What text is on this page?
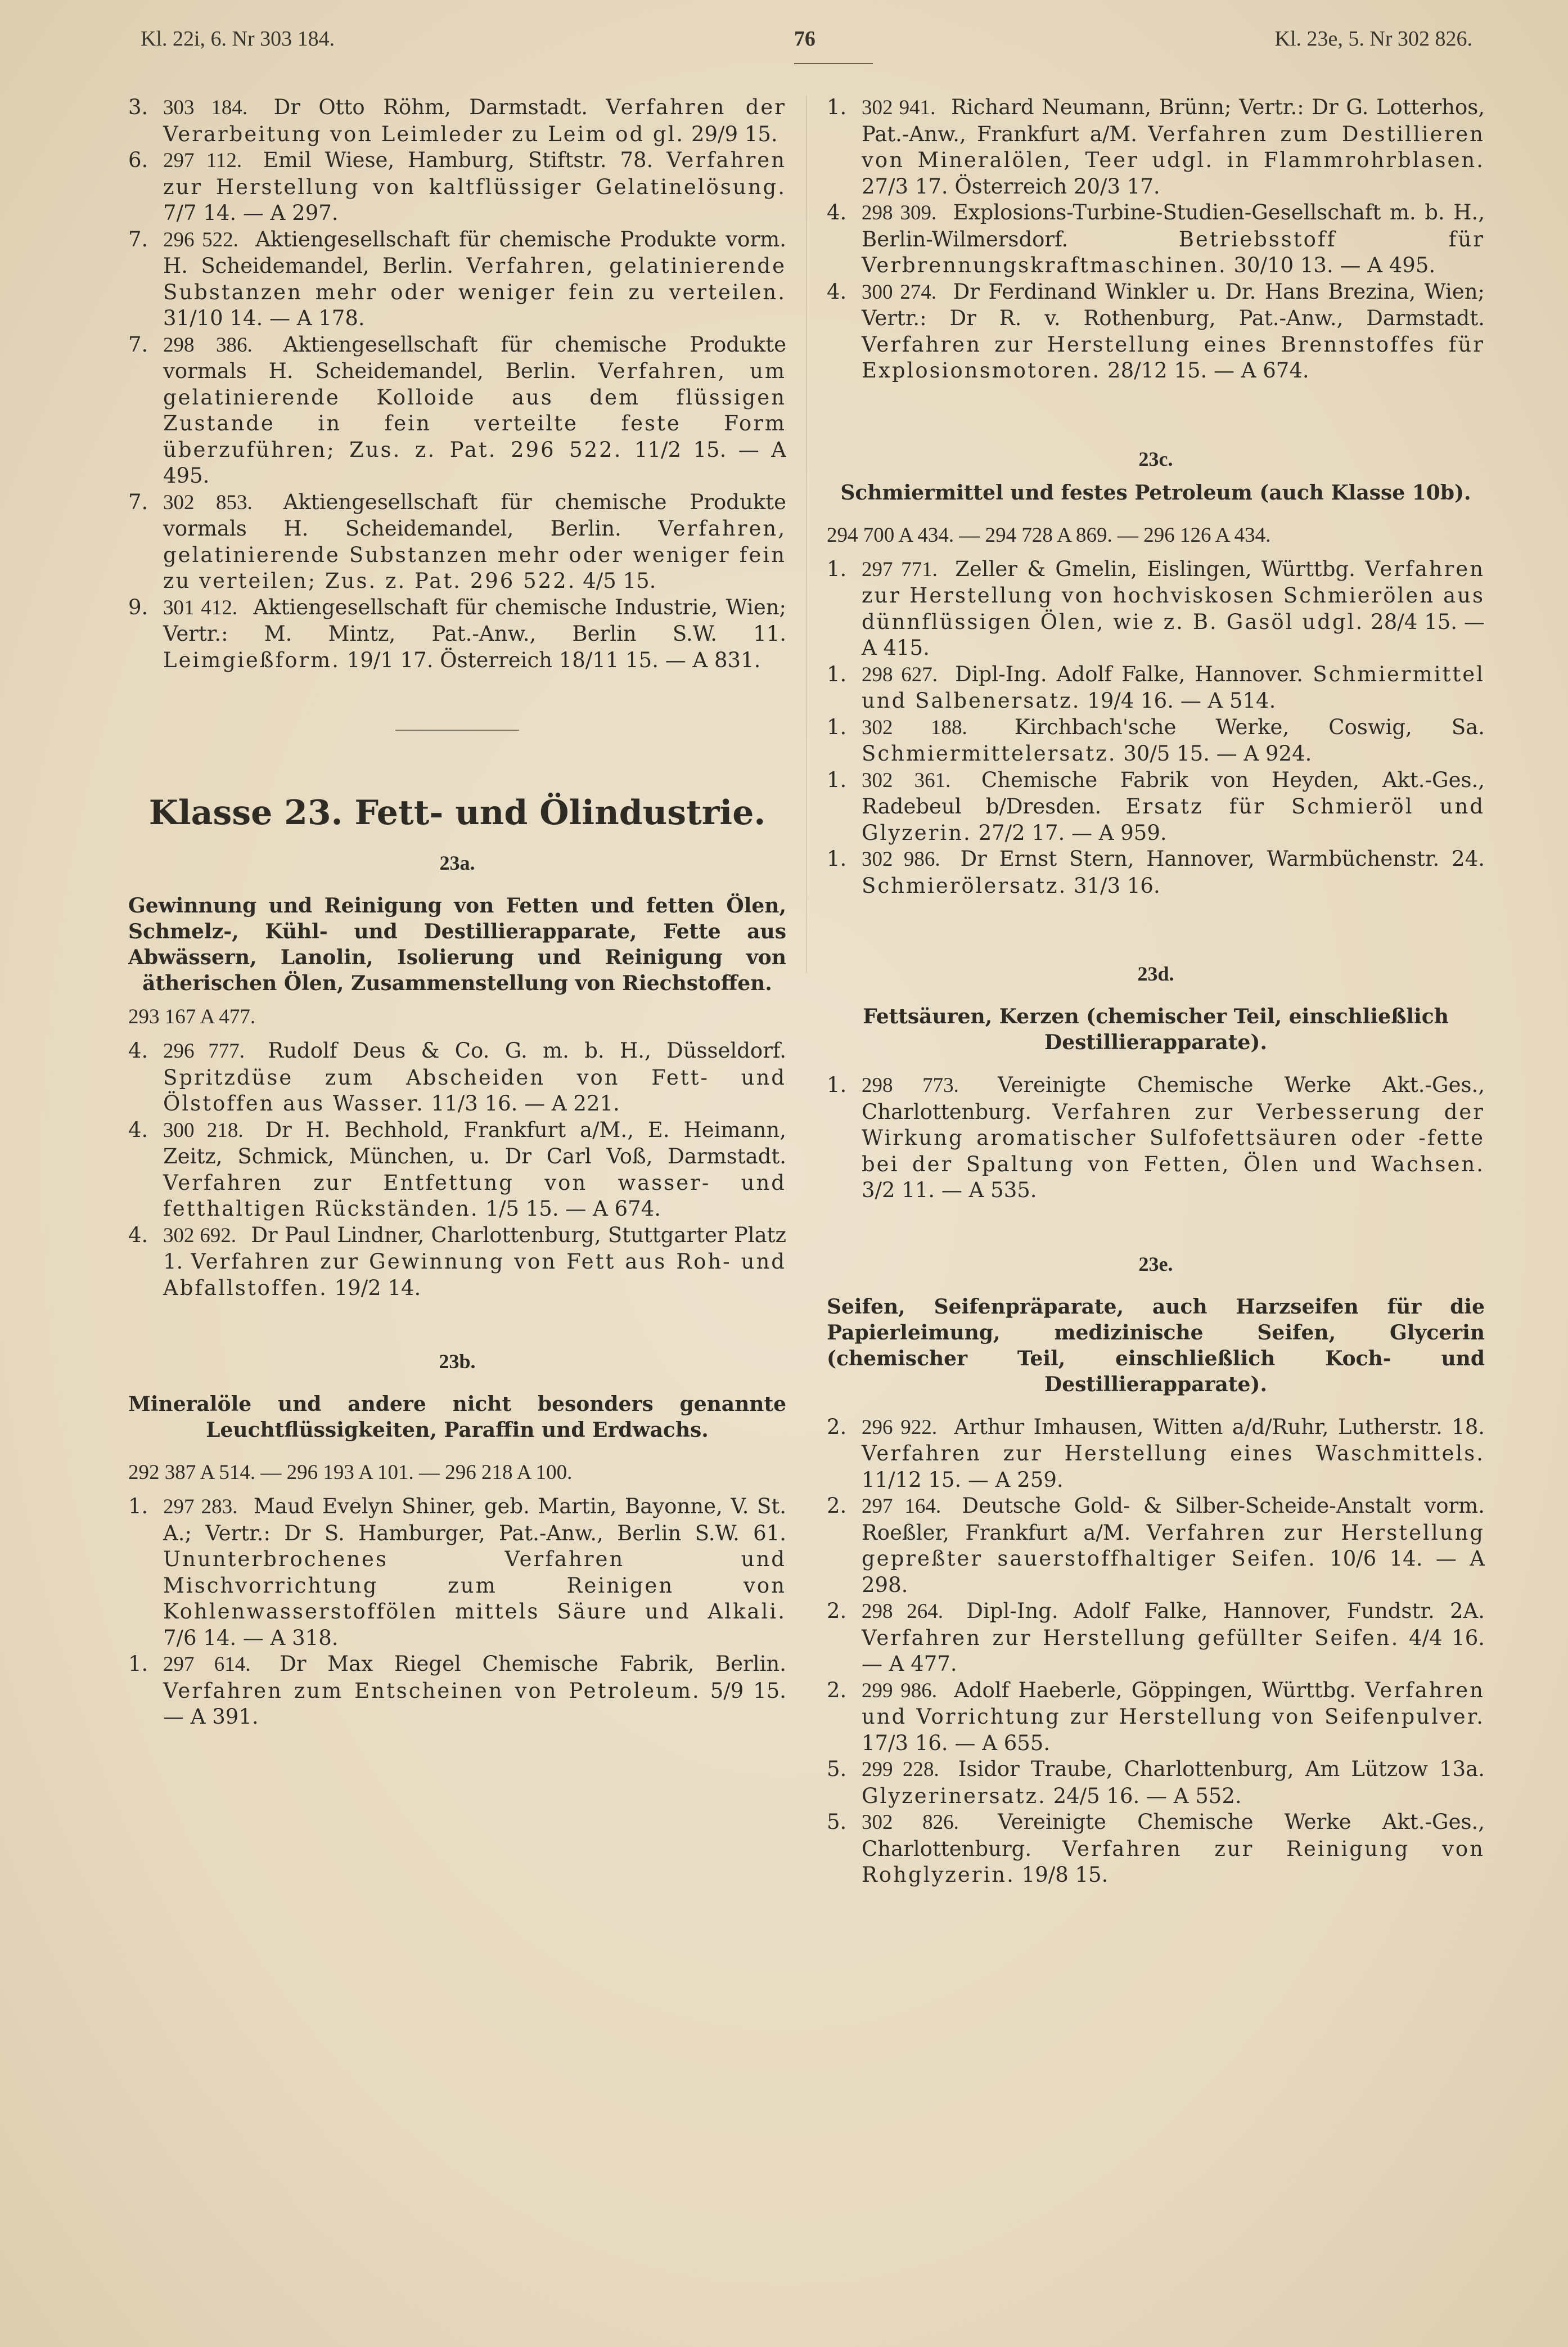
Kl. 22i, 6. Nr 303 184.	76	Kl. 23e, 5. Nr 302 826.

3. 303 184. Dr Otto Röhm, Darmstadt. Verfahren der Verarbeitung von Leimleder zu Leim od gl. 29/9 15.

6. 297 112. Emil Wiese, Hamburg, Stiftstr. 78. Verfahren zur Herstellung von kaltflüssiger Gelatinelösung. 7/7 14. — A 297.

7. 296 522. Aktiengesellschaft für chemische Produkte vorm. H. Scheidemandel, Berlin. Verfahren, gelatinierende Substanzen mehr oder weniger fein zu verteilen. 31/10 14. — A 178.

7. 298 386. Aktiengesellschaft für chemische Produkte vormals H. Scheidemandel, Berlin. Verfahren, um gelatinierende Kolloide aus dem flüssigen Zustande in fein verteilte feste Form überzuführen; Zus. z. Pat. 296 522. 11/2 15. — A 495.

7. 302 853. Aktiengesellschaft für chemische Produkte vormals H. Scheidemandel, Berlin. Verfahren, gelatinierende Substanzen mehr oder weniger fein zu verteilen; Zus. z. Pat. 296 522. 4/5 15.

9. 301 412. Aktiengesellschaft für chemische Industrie, Wien; Vertr.: M. Mintz, Pat.-Anw., Berlin S.W. 11. Leimgießform. 19/1 17. Österreich 18/11 15. — A 831.

Klasse 23. Fett- und Ölindustrie.

23a.

Gewinnung und Reinigung von Fetten und fetten Ölen, Schmelz-, Kühl- und Destillierapparate, Fette aus Abwässern, Lanolin, Isolierung und Reinigung von ätherischen Ölen, Zusammenstellung von Riechstoffen.

293 167 A 477.

4. 296 777. Rudolf Deus & Co. G. m. b. H., Düsseldorf. Spritzdüse zum Abscheiden von Fett- und Ölstoffen aus Wasser. 11/3 16. — A 221.

4. 300 218. Dr H. Bechhold, Frankfurt a/M., E. Heimann, Zeitz, Schmick, München, u. Dr Carl Voß, Darmstadt. Verfahren zur Entfettung von wasser- und fetthaltigen Rückständen. 1/5 15. — A 674.

4. 302 692. Dr Paul Lindner, Charlottenburg, Stuttgarter Platz 1. Verfahren zur Gewinnung von Fett aus Roh- und Abfallstoffen. 19/2 14.

23b.

Mineralöle und andere nicht besonders genannte Leuchtflüssigkeiten, Paraffin und Erdwachs.

292 387 A 514. — 296 193 A 101. — 296 218 A 100.

1. 297 283. Maud Evelyn Shiner, geb. Martin, Bayonne, V. St. A.; Vertr.: Dr S. Hamburger, Pat.-Anw., Berlin S.W. 61. Ununterbrochenes Verfahren und Mischvorrichtung zum Reinigen von Kohlenwasserstoffölen mittels Säure und Alkali. 7/6 14. — A 318.

1. 297 614. Dr Max Riegel Chemische Fabrik, Berlin. Verfahren zum Entscheinen von Petroleum. 5/9 15. — A 391.

1. 302 941. Richard Neumann, Brünn; Vertr.: Dr G. Lotterhos, Pat.-Anw., Frankfurt a/M. Verfahren zum Destillieren von Mineralölen, Teer udgl. in Flammrohrblasen. 27/3 17. Österreich 20/3 17.

4. 298 309. Explosions-Turbine-Studien-Gesellschaft m. b. H., Berlin-Wilmersdorf.	Betriebsstoff für Verbrennungskraftmaschinen. 30/10 13. — A 495.

4. 300 274. Dr Ferdinand Winkler u. Dr. Hans Brezina, Wien; Vertr.: Dr R. v. Rothenburg, Pat.-Anw., Darmstadt. Verfahren zur Herstellung eines Brennstoffes für Explosionsmotoren. 28/12 15. — A 674.

23c.

Schmiermittel und festes Petroleum (auch Klasse 10b).

294 700 A 434. — 294 728 A 869. — 296 126 A 434.

1. 297 771. Zeller & Gmelin, Eislingen, Württbg. Verfahren zur Herstellung von hochviskosen Schmierölen aus dünnflüssigen Ölen, wie z. B. Gasöl udgl. 28/4 15. — A 415.

1. 298 627. Dipl-Ing. Adolf Falke, Hannover. Schmiermittel und Salbenersatz. 19/4 16. — A 514.

1. 302 188. Kirchbach'sche Werke, Coswig, Sa. Schmiermittelersatz. 30/5 15. — A 924.

1. 302 361. Chemische Fabrik von Heyden, Akt.-Ges., Radebeul b/Dresden. Ersatz für Schmieröl und Glyzerin. 27/2 17. — A 959.

1. 302 986. Dr Ernst Stern, Hannover, Warmbüchenstr. 24. Schmierölersatz. 31/3 16.

23d.

Fettsäuren, Kerzen (chemischer Teil, einschließlich Destillierapparate).

1. 298 773. Vereinigte Chemische Werke Akt.-Ges., Charlottenburg. Verfahren zur Verbesserung der Wirkung aromatischer Sulfofettsäuren oder -fette bei der Spaltung von Fetten, Ölen und Wachsen. 3/2 11. — A 535.

23e.

Seifen, Seifenpräparate, auch Harzseifen für die Papierleimung, medizinische Seifen, Glycerin (chemischer Teil, einschließlich Koch- und Destillierapparate).

2. 296 922. Arthur Imhausen, Witten a/d/Ruhr, Lutherstr. 18. Verfahren zur Herstellung eines Waschmittels. 11/12 15. — A 259.

2. 297 164. Deutsche Gold- & Silber-Scheide-Anstalt vorm. Roeßler, Frankfurt a/M. Verfahren zur Herstellung gepreßter sauerstoffhaltiger Seifen. 10/6 14. — A 298.

2. 298 264. Dipl-Ing. Adolf Falke, Hannover, Fundstr. 2A. Verfahren zur Herstellung gefüllter Seifen. 4/4 16. — A 477.

2. 299 986. Adolf Haeberle, Göppingen, Württbg. Verfahren und Vorrichtung zur Herstellung von Seifenpulver. 17/3 16. — A 655.

5. 299 228. Isidor Traube, Charlottenburg, Am Lützow 13a. Glyzerinersatz. 24/5 16. — A 552.

5. 302 826. Vereinigte Chemische Werke Akt.-Ges., Charlottenburg. Verfahren zur Reinigung von Rohglyzerin. 19/8 15.
